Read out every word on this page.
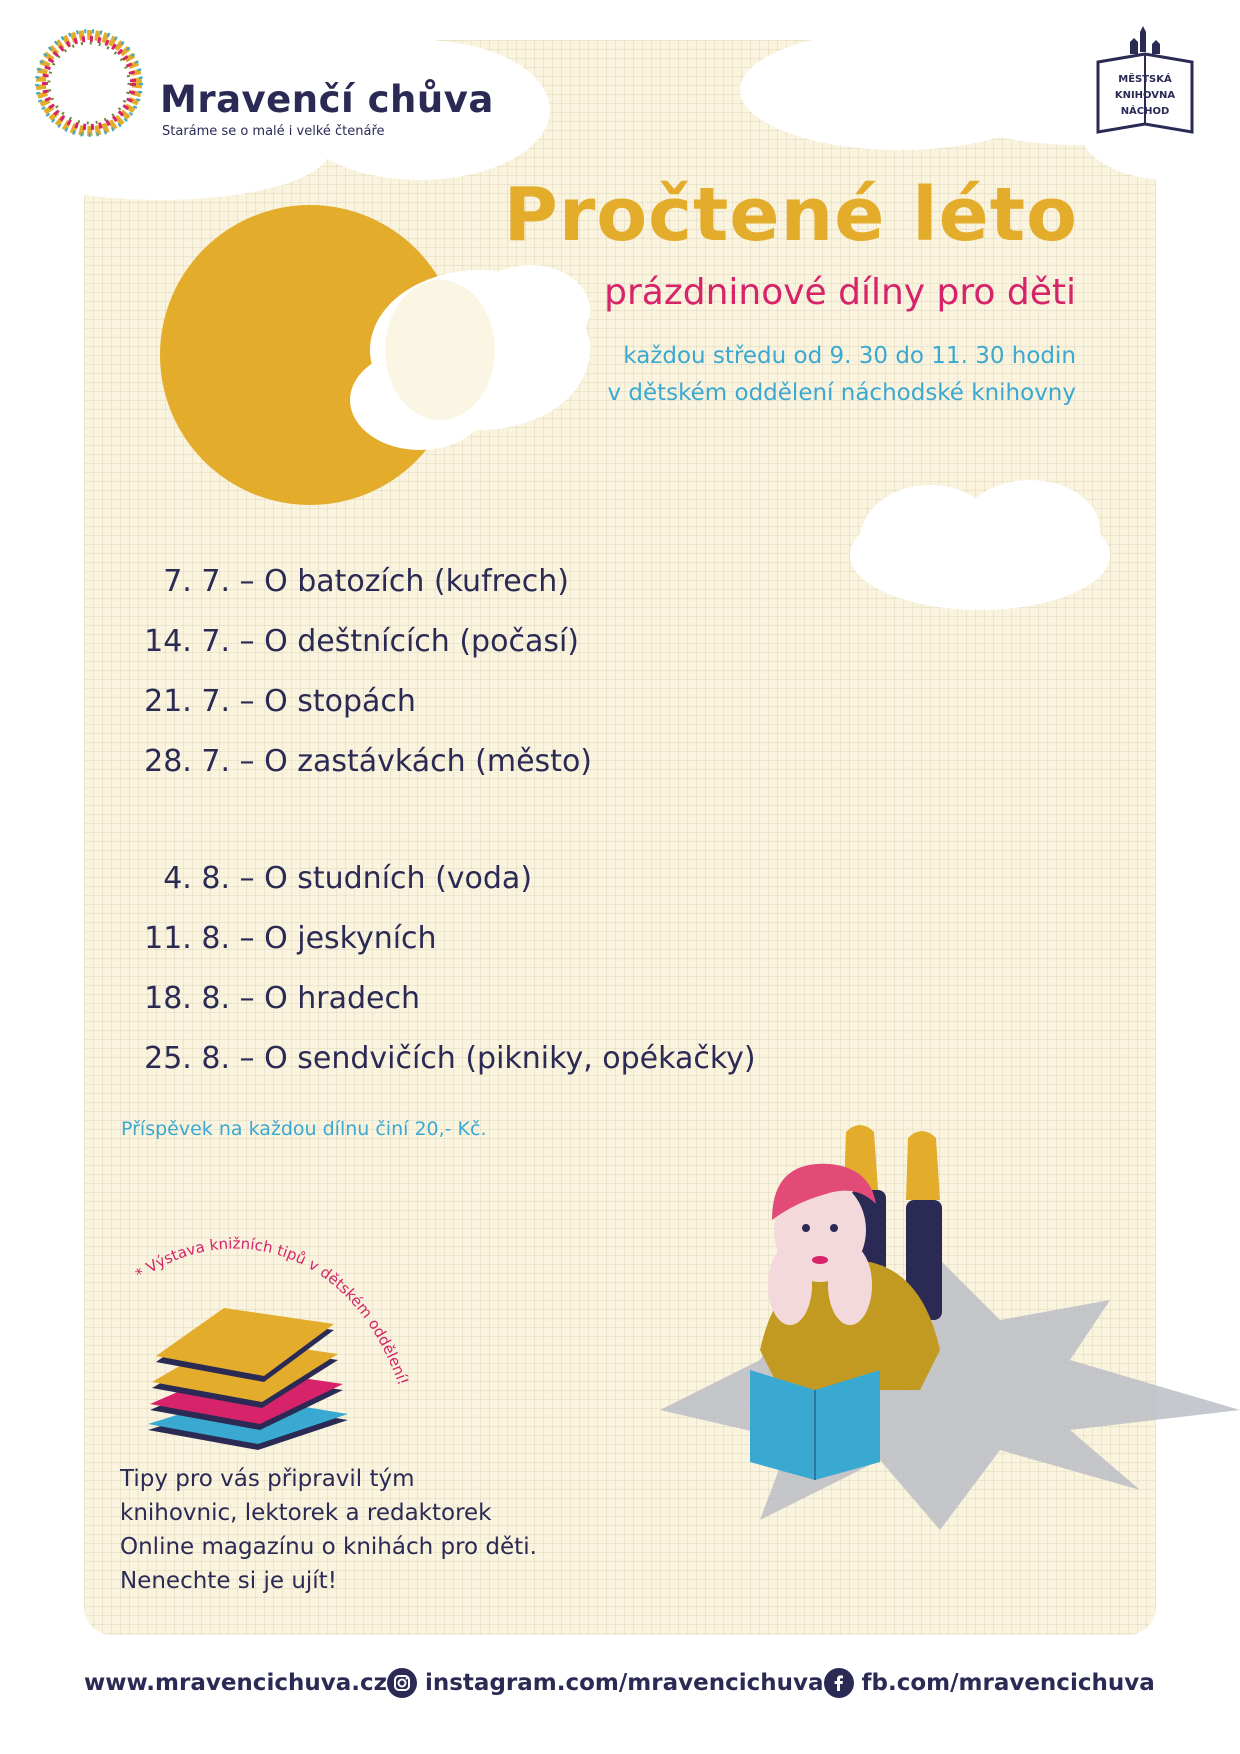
Mravenčí chůva
Staráme se o malé i velké čtenáře
MĚSTSKÁ
KNIHOVNA
NÁCHOD
Pročtené léto
prázdninové dílny pro děti
každou středu od 9. 30 do 11. 30 hodin
v dětském oddělení náchodské knihovny
7. 7. – O batozích (kufrech)
14. 7. – O deštnících (počasí)
21. 7. – O stopách
28. 7. – O zastávkách (město)
4. 8. – O studních (voda)
11. 8. – O jeskyních
18. 8. – O hradech
25. 8. – O sendvičích (pikniky, opékačky)
Příspěvek na každou dílnu činí 20,- Kč.
* Výstava knižních tipů v dětském oddělení!
Tipy pro vás připravil tým
knihovnic, lektorek a redaktorek
Online magazínu o knihách pro děti.
Nenechte si je ujít!
www.mravencichuva.cz instagram.com/mravencichuva fb.com/mravencichuva
